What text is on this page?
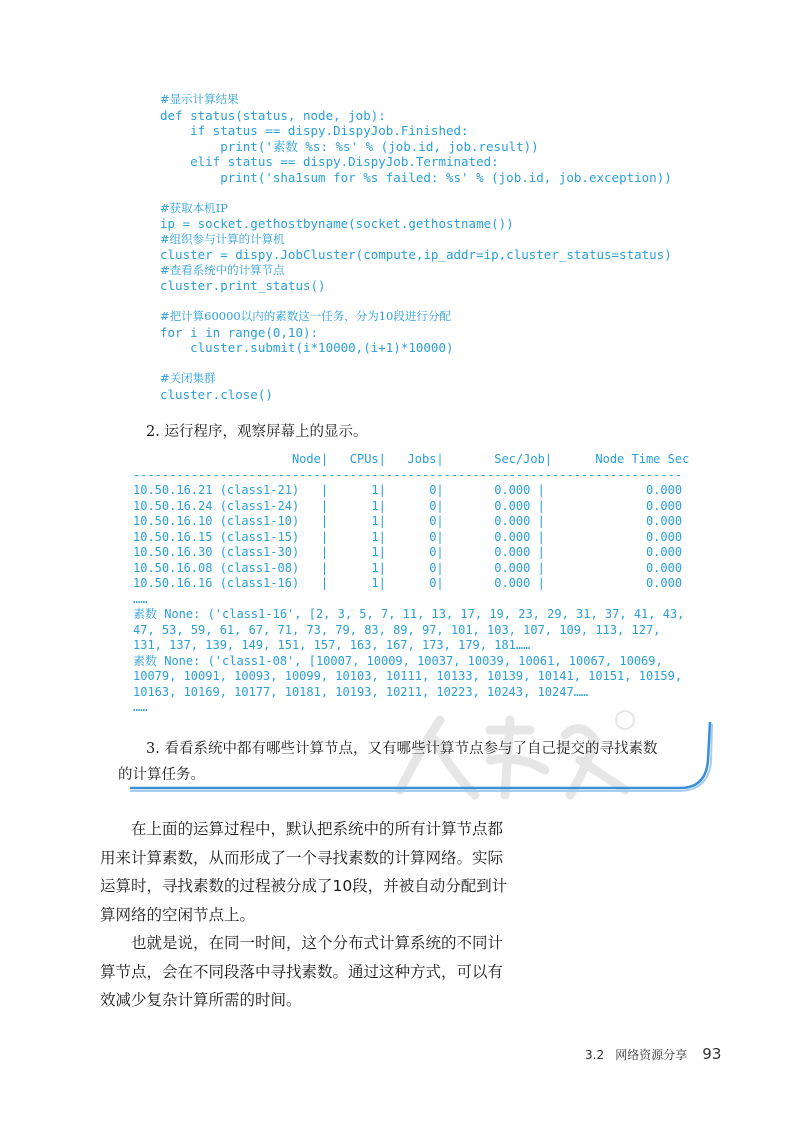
#显示计算结果
def status(status, node, job):
if status == dispy.DispyJob.Finished:
print('素数 %s: %s' % (job.id, job.result))
elif status == dispy.DispyJob.Terminated:
print('sha1sum for %s failed: %s' % (job.id, job.exception))
#获取本机IP
ip = socket.gethostbyname(socket.gethostname())
#组织参与计算的计算机
cluster = dispy.JobCluster(compute,ip_addr=ip,cluster_status=status)
#查看系统中的计算节点
cluster.print_status()
#把计算60000以内的素数这一任务，分为10段进行分配
for i in range(0,10):
cluster.submit(i*10000,(i+1)*10000)
#关闭集群
cluster.close()
2. 运行程序，观察屏幕上的显示。
Node|   CPUs|   Jobs|       Sec/Job|      Node Time Sec
----------------------------------------------------------------------------
10.50.16.21 (class1-21)   |      1|      0|       0.000 |              0.000
10.50.16.24 (class1-24)   |      1|      0|       0.000 |              0.000
10.50.16.10 (class1-10)   |      1|      0|       0.000 |              0.000
10.50.16.15 (class1-15)   |      1|      0|       0.000 |              0.000
10.50.16.30 (class1-30)   |      1|      0|       0.000 |              0.000
10.50.16.08 (class1-08)   |      1|      0|       0.000 |              0.000
10.50.16.16 (class1-16)   |      1|      0|       0.000 |              0.000
……
素数 None: ('class1-16', [2, 3, 5, 7, 11, 13, 17, 19, 23, 29, 31, 37, 41, 43,
47, 53, 59, 61, 67, 71, 73, 79, 83, 89, 97, 101, 103, 107, 109, 113, 127,
131, 137, 139, 149, 151, 157, 163, 167, 173, 179, 181……
素数 None: ('class1-08', [10007, 10009, 10037, 10039, 10061, 10067, 10069,
10079, 10091, 10093, 10099, 10103, 10111, 10133, 10139, 10141, 10151, 10159,
10163, 10169, 10177, 10181, 10193, 10211, 10223, 10243, 10247……
……
3. 看看系统中都有哪些计算节点，又有哪些计算节点参与了自己提交的寻找素数
的计算任务。

在上面的运算过程中，默认把系统中的所有计算节点都用来计算素数，从而形成了一个寻找素数的计算网络。实际运算时，寻找素数的过程被分成了10段，并被自动分配到计算网络的空闲节点上。

也就是说，在同一时间，这个分布式计算系统的不同计算节点，会在不同段落中寻找素数。通过这种方式，可以有效减少复杂计算所需的时间。

3.2 网络资源分享 93
